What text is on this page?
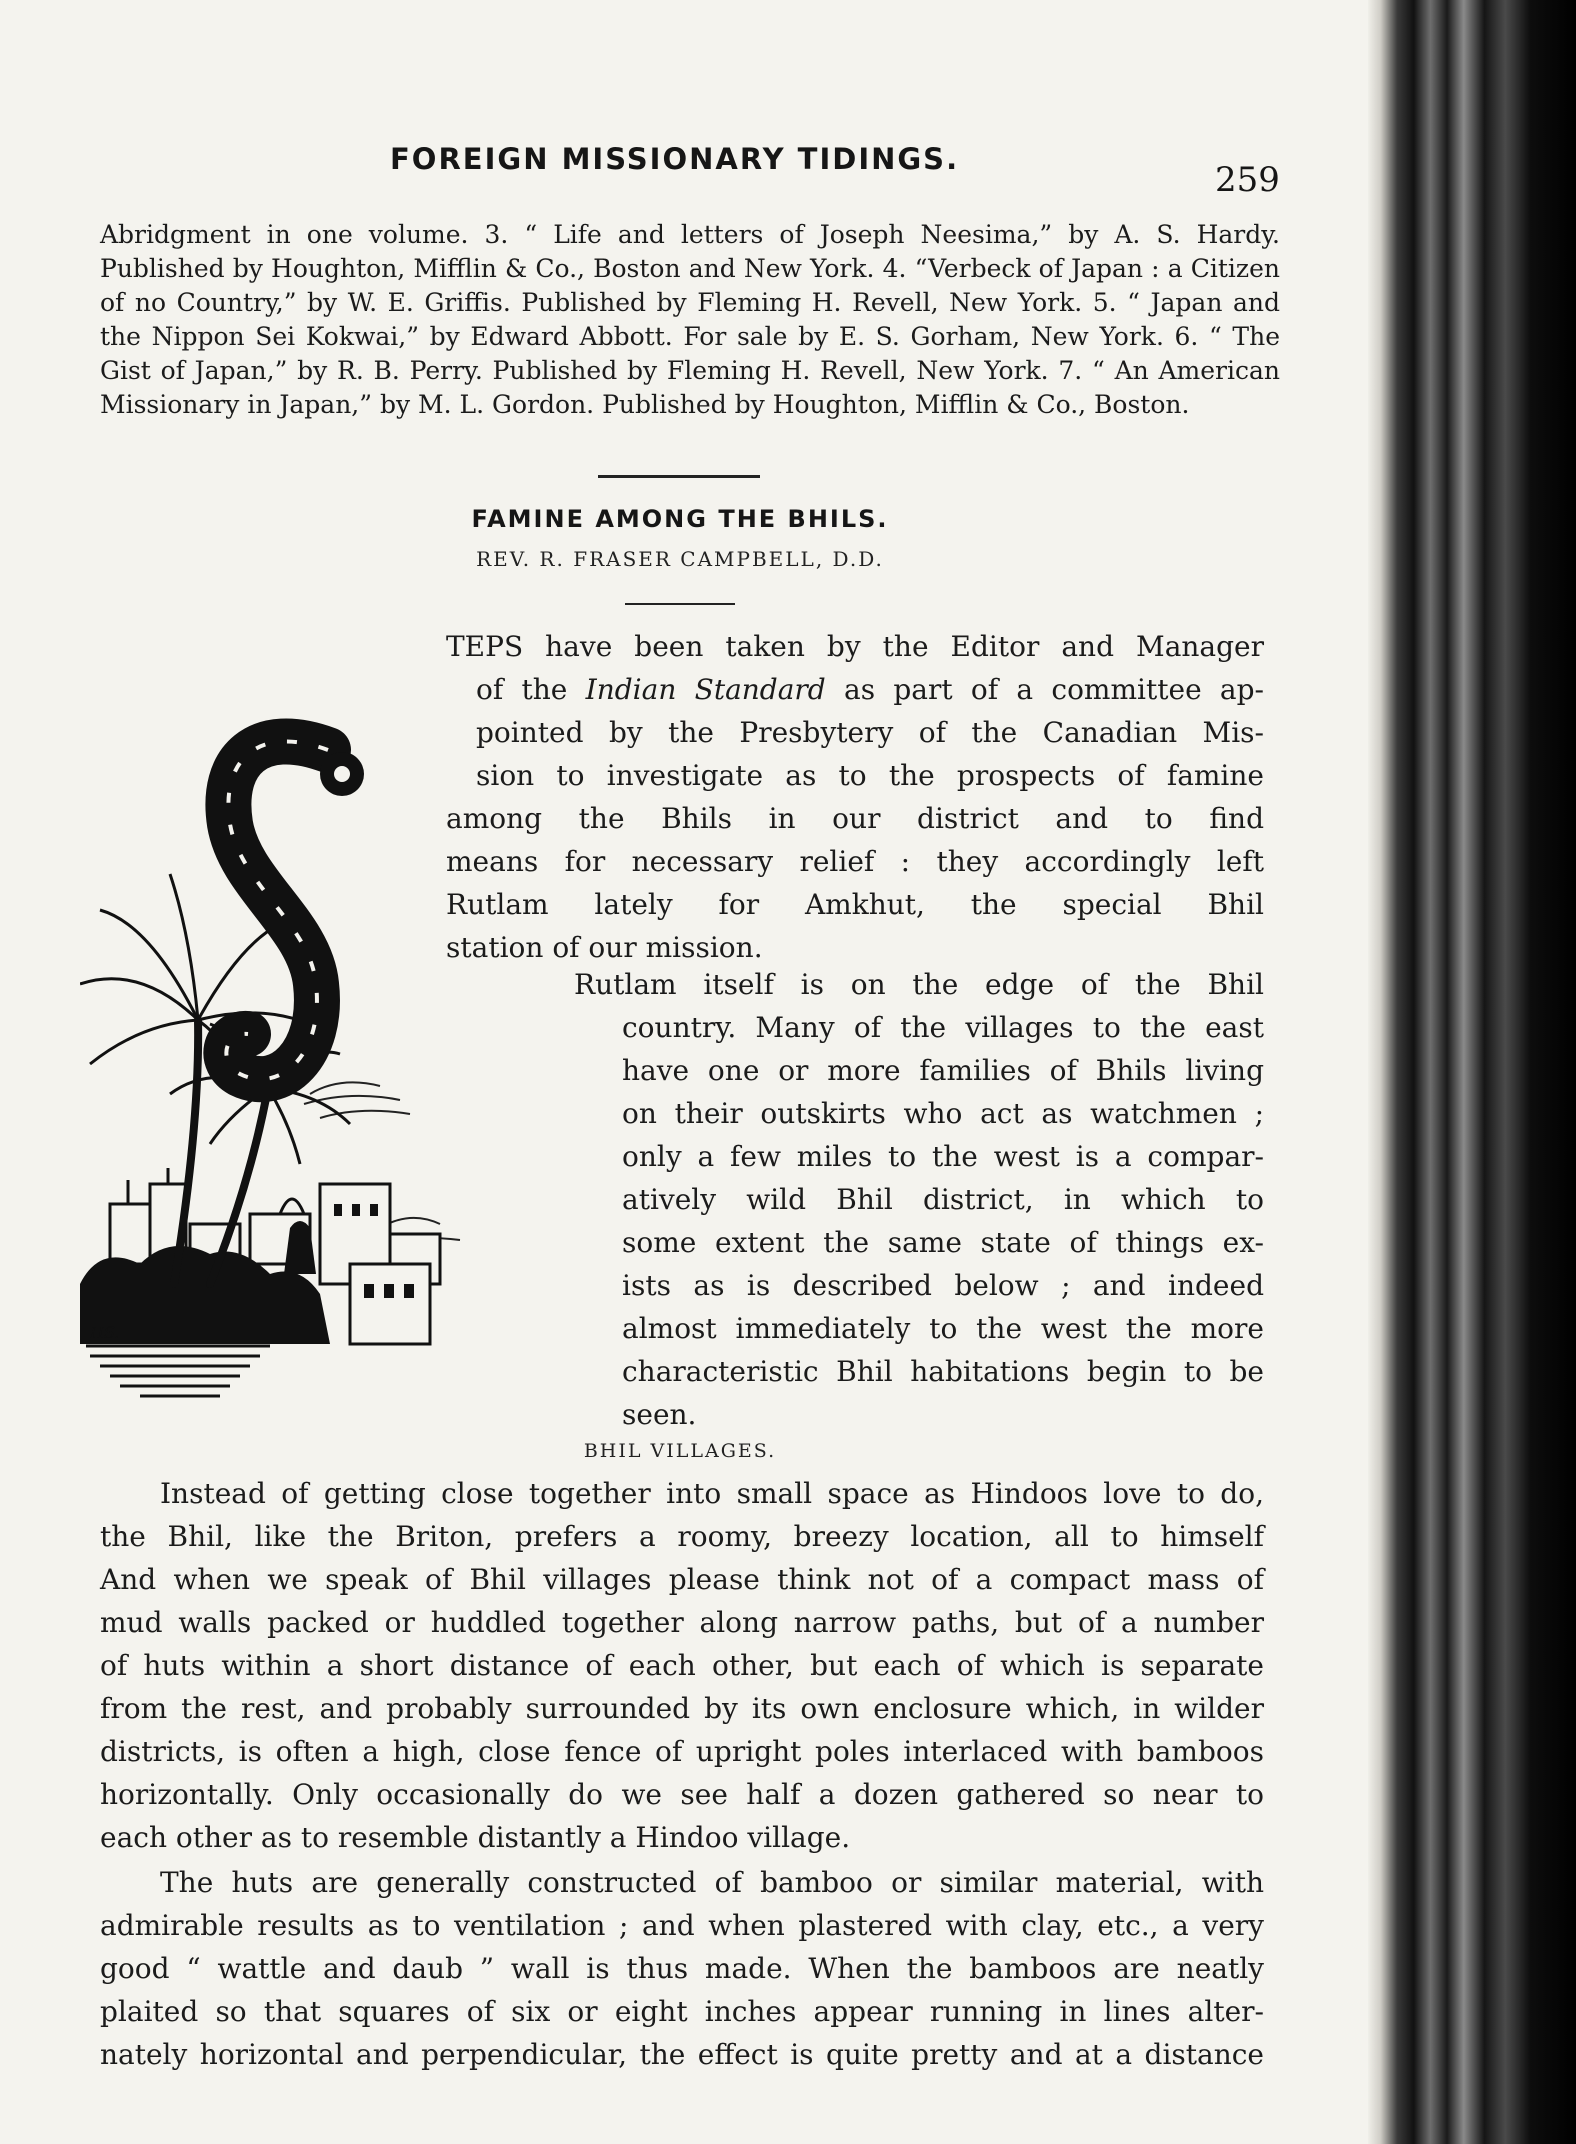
FOREIGN MISSIONARY TIDINGS.
259
Abridgment in one volume. 3. “ Life and letters of Joseph Neesima,” by A. S. Hardy. Published by Houghton, Mifflin & Co., Boston and New York. 4. “Verbeck of Japan : a Citizen of no Country,” by W. E. Griffis. Published by Fleming H. Revell, New York. 5. “ Japan and the Nippon Sei Kokwai,” by Edward Abbott. For sale by E. S. Gorham, New York. 6. “ The Gist of Japan,” by R. B. Perry. Published by Fleming H. Revell, New York. 7. “ An American Missionary in Japan,” by M. L. Gordon. Published by Houghton, Mifflin & Co., Boston.
FAMINE AMONG THE BHILS.
REV. R. FRASER CAMPBELL, D.D.
HS.
TEPS have been taken by the Editor and Manager
of the Indian Standard as part of a committee ap-
pointed by the Presbytery of the Canadian Mis-
sion to investigate as to the prospects of famine
among the Bhils in our district and to find
means for necessary relief : they accordingly left
Rutlam lately for Amkhut, the special Bhil
station of our mission.
Rutlam itself is on the edge of the Bhil
country. Many of the villages to the east
have one or more families of Bhils living
on their outskirts who act as watchmen ;
only a few miles to the west is a compar-
atively wild Bhil district, in which to
some extent the same state of things ex-
ists as is described below ; and indeed
almost immediately to the west the more
characteristic Bhil habitations begin to be
seen.
BHIL VILLAGES.
Instead of getting close together into small space as Hindoos love to do,
the Bhil, like the Briton, prefers a roomy, breezy location, all to himself
And when we speak of Bhil villages please think not of a compact mass of
mud walls packed or huddled together along narrow paths, but of a number
of huts within a short distance of each other, but each of which is separate
from the rest, and probably surrounded by its own enclosure which, in wilder
districts, is often a high, close fence of upright poles interlaced with bamboos
horizontally. Only occasionally do we see half a dozen gathered so near to
each other as to resemble distantly a Hindoo village.
The huts are generally constructed of bamboo or similar material, with
admirable results as to ventilation ; and when plastered with clay, etc., a very
good “ wattle and daub ” wall is thus made. When the bamboos are neatly
plaited so that squares of six or eight inches appear running in lines alter-
nately horizontal and perpendicular, the effect is quite pretty and at a distance
